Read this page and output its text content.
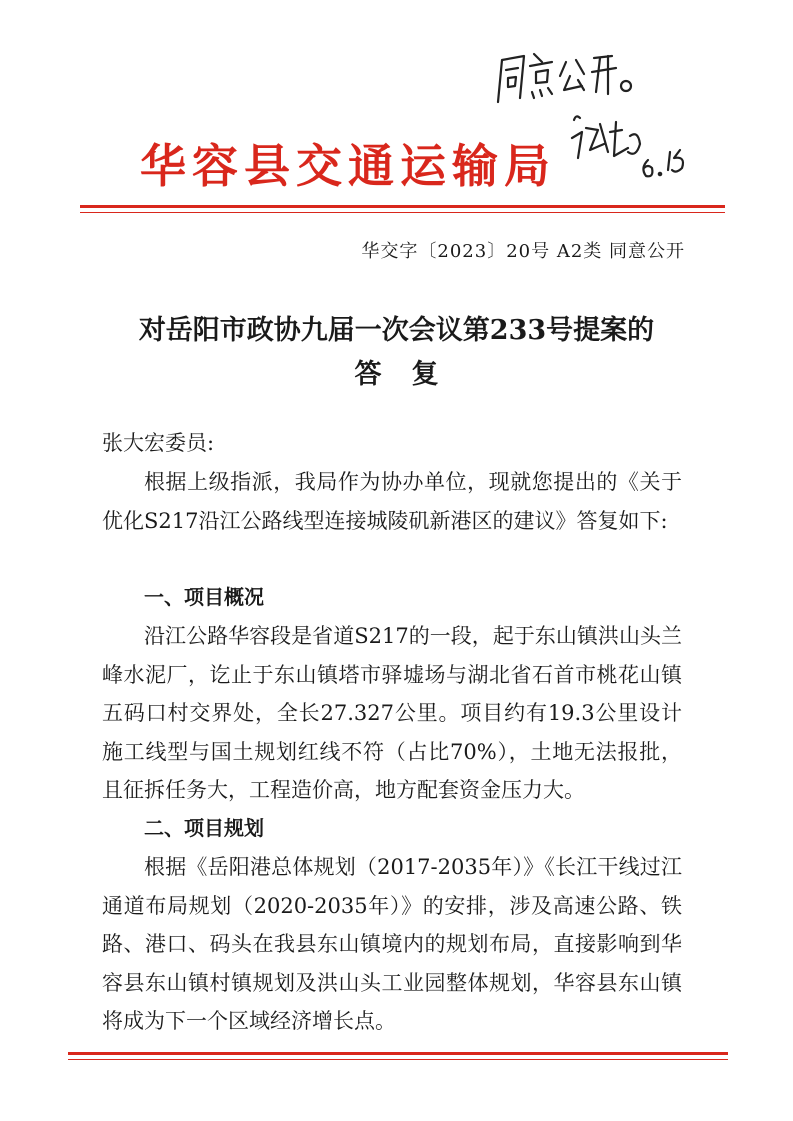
华容县交通运输局
华交字〔2023〕20号 A2类 同意公开
对岳阳市政协九届一次会议第233号提案的
答复
张大宏委员:
根据上级指派，我局作为协办单位，现就您提出的《关于优化S217沿江公路线型连接城陵矶新港区的建议》答复如下:
一、项目概况
沿江公路华容段是省道S217的一段，起于东山镇洪山头兰峰水泥厂，讫止于东山镇塔市驿墟场与湖北省石首市桃花山镇五码口村交界处，全长27.327公里。项目约有19.3公里设计施工线型与国土规划红线不符（占比70%），土地无法报批，且征拆任务大，工程造价高，地方配套资金压力大。
二、项目规划
根据《岳阳港总体规划（2017-2035年）》《长江干线过江通道布局规划（2020-2035年）》的安排，涉及高速公路、铁路、港口、码头在我县东山镇境内的规划布局，直接影响到华容县东山镇村镇规划及洪山头工业园整体规划，华容县东山镇将成为下一个区域经济增长点。
